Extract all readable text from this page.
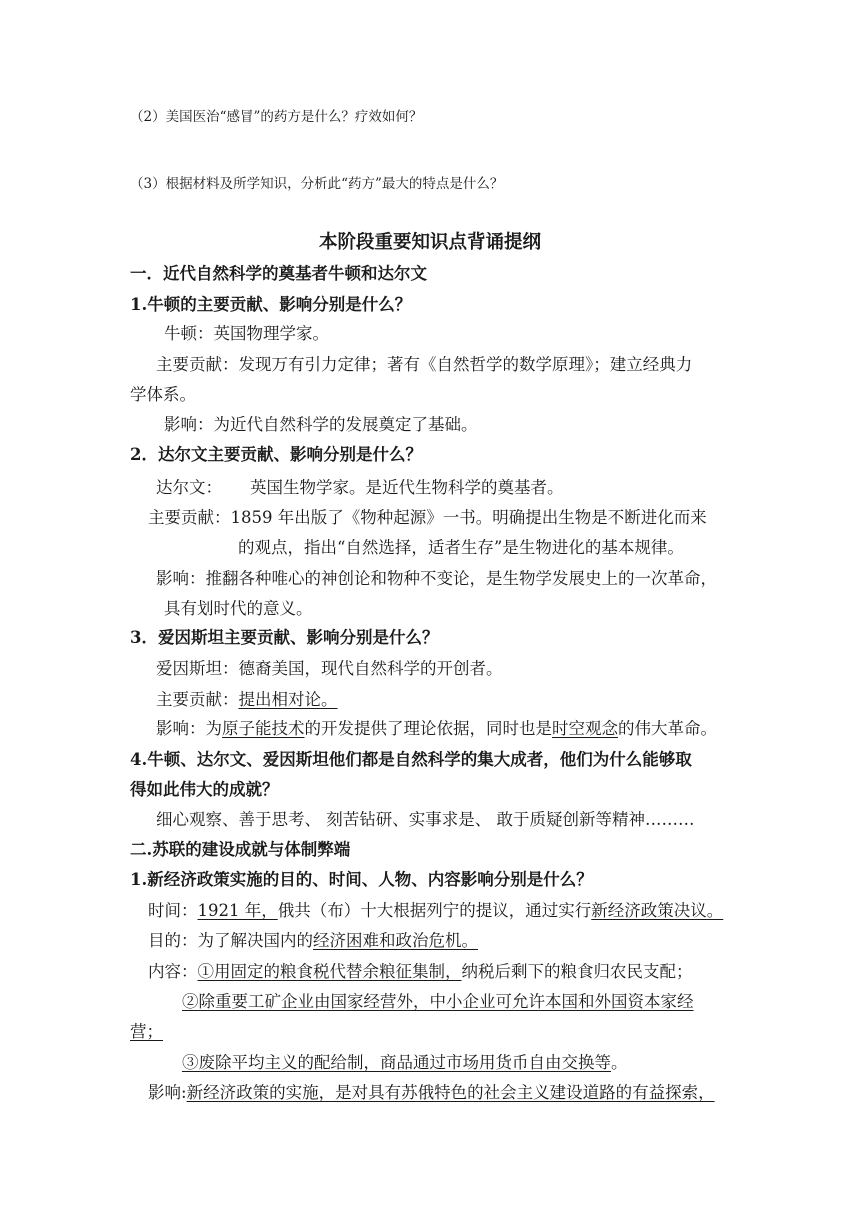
（2）美国医治“感冒”的药方是什么？疗效如何？
（3）根据材料及所学知识，分析此“药方”最大的特点是什么？
本阶段重要知识点背诵提纲
一．近代自然科学的奠基者牛顿和达尔文
1.牛顿的主要贡献、影响分别是什么？
牛顿：英国物理学家。
主要贡献：发现万有引力定律；著有《自然哲学的数学原理》；建立经典力
学体系。
影响：为近代自然科学的发展奠定了基础。
2．达尔文主要贡献、影响分别是什么？
达尔文： 英国生物学家。是近代生物科学的奠基者。
主要贡献：1859 年出版了《物种起源》一书。明确提出生物是不断进化而来
的观点，指出“自然选择，适者生存”是生物进化的基本规律。
影响：推翻各种唯心的神创论和物种不变论，是生物学发展史上的一次革命，
具有划时代的意义。
3．爱因斯坦主要贡献、影响分别是什么？
爱因斯坦：德裔美国，现代自然科学的开创者。
主要贡献：提出相对论。
影响：为原子能技术的开发提供了理论依据，同时也是时空观念的伟大革命。
4.牛顿、达尔文、爱因斯坦他们都是自然科学的集大成者，他们为什么能够取
得如此伟大的成就？
细心观察、善于思考、 刻苦钻研、实事求是、 敢于质疑创新等精神………
二.苏联的建设成就与体制弊端
1.新经济政策实施的目的、时间、人物、内容影响分别是什么？
时间：1921 年，俄共（布）十大根据列宁的提议，通过实行新经济政策决议。
目的：为了解决国内的经济困难和政治危机。
内容：①用固定的粮食税代替余粮征集制，纳税后剩下的粮食归农民支配；
②除重要工矿企业由国家经营外，中小企业可允许本国和外国资本家经
营；
③废除平均主义的配给制，商品通过市场用货币自由交换等。
影响:新经济政策的实施，是对具有苏俄特色的社会主义建设道路的有益探索，
